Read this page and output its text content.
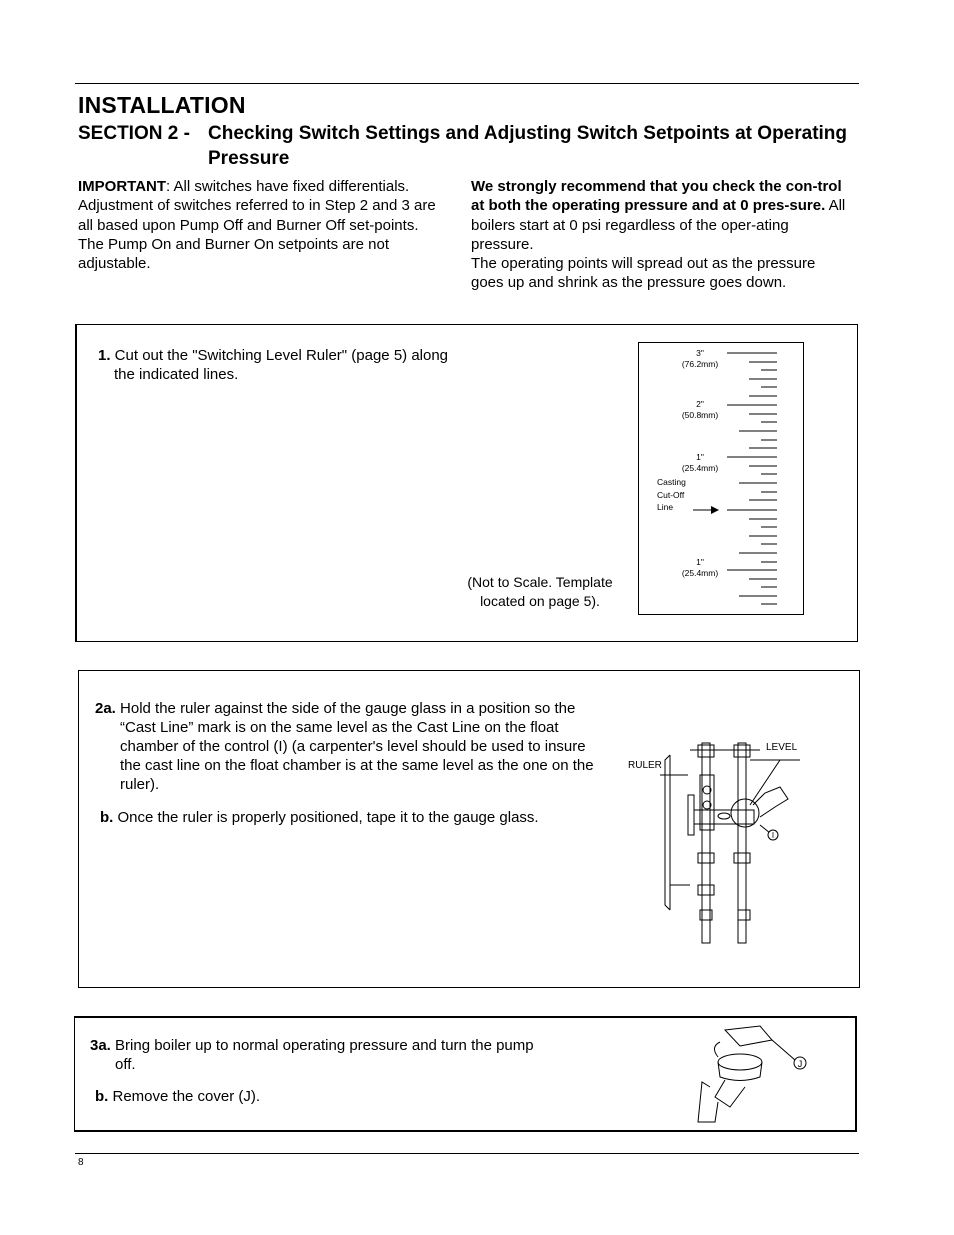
INSTALLATION
SECTION 2 - Checking Switch Settings and Adjusting Switch Setpoints at Operating Pressure
IMPORTANT: All switches have fixed differentials. Adjustment of switches referred to in Step 2 and 3 are all based upon Pump Off and Burner Off set-points. The Pump On and Burner On setpoints are not adjustable.
We strongly recommend that you check the con-trol at both the operating pressure and at 0 pres-sure. All boilers start at 0 psi regardless of the oper-ating pressure.
The operating points will spread out as the pressure goes up and shrink as the pressure goes down.
1. Cut out the "Switching Level Ruler" (page 5) along the indicated lines.
(Not to Scale. Template located on page 5).
3"
(76.2mm)
2"
(50.8mm)
1"
(25.4mm)
Casting
Cut-Off
Line
1"
(25.4mm)
2a. Hold the ruler against the side of the gauge glass in a position so the “Cast Line” mark is on the same level as the Cast Line on the float chamber of the control (I) (a carpenter's level should be used to insure the cast line on the float chamber is at the same level as the one on the ruler).
b. Once the ruler is properly positioned, tape it to the gauge glass.
I
RULER
LEVEL
3a. Bring boiler up to normal operating pressure and turn the pump off.
b. Remove the cover (J).
J
8
